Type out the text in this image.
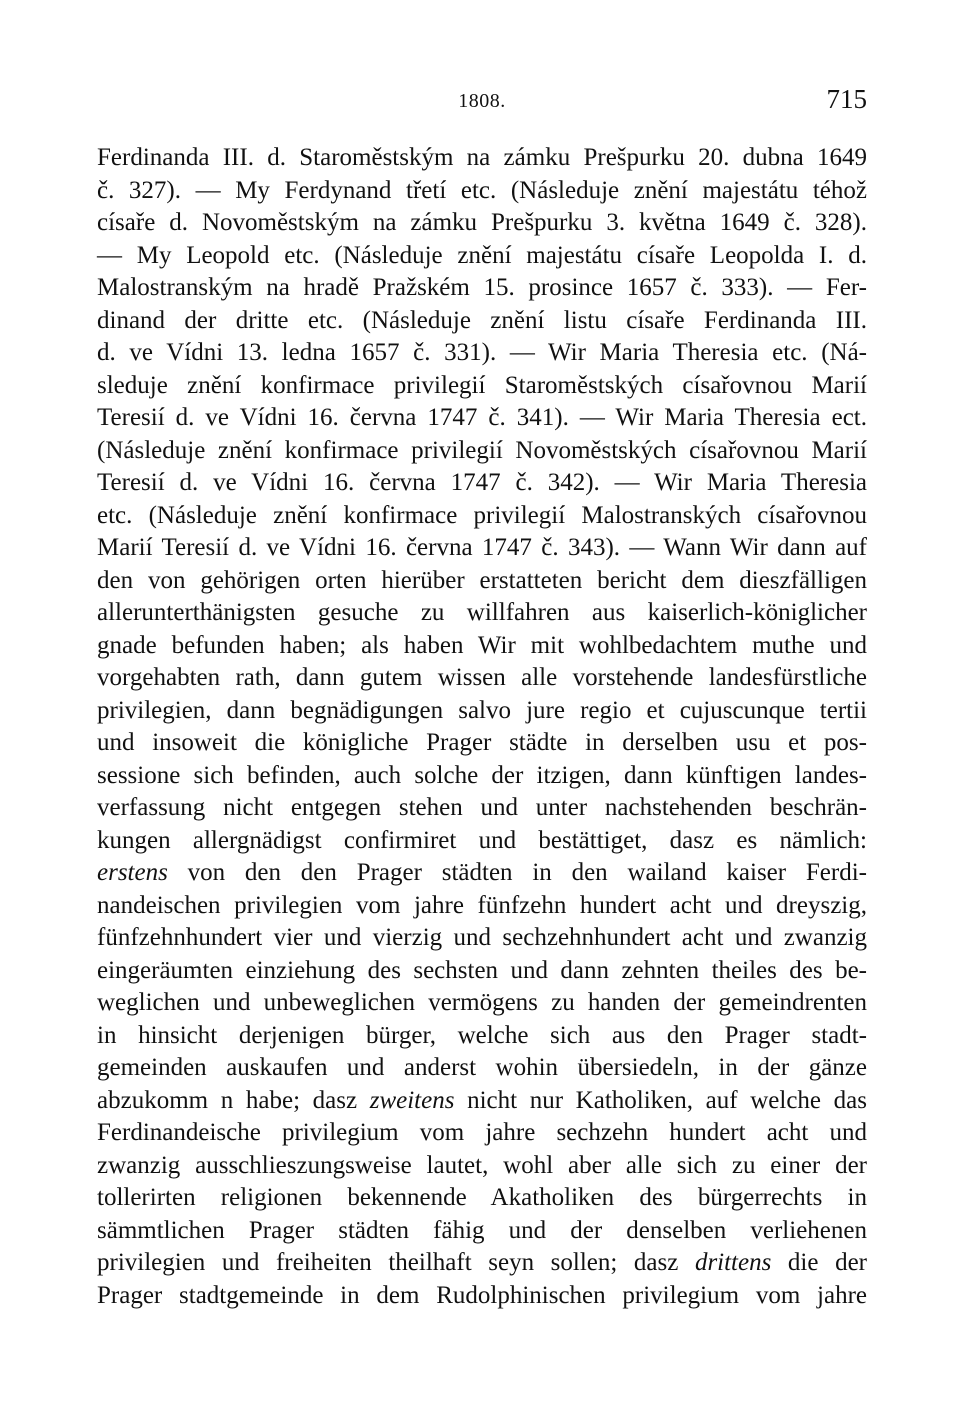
1808.	715
Ferdinanda III. d. Staroměstským na zámku Prešpurku 20. dubna 1649
č. 327). — My Ferdynand třetí etc. (Následuje znění majestátu téhož
císaře d. Novoměstským na zámku Prešpurku 3. května 1649 č. 328).
— My Leopold etc. (Následuje znění majestátu císaře Leopolda I. d.
Malostranským na hradě Pražském 15. prosince 1657 č. 333). — Fer-
dinand der dritte etc. (Následuje znění listu císaře Ferdinanda III.
d. ve Vídni 13. ledna 1657 č. 331). — Wir Maria Theresia etc. (Ná-
sleduje znění konfirmace privilegií Staroměstských císařovnou Marií
Teresií d. ve Vídni 16. června 1747 č. 341). — Wir Maria Theresia ect.
(Následuje znění konfirmace privilegií Novoměstských císařovnou Marií
Teresií d. ve Vídni 16. června 1747 č. 342). — Wir Maria Theresia
etc. (Následuje znění konfirmace privilegií Malostranských císařovnou
Marií Teresií d. ve Vídni 16. června 1747 č. 343). — Wann Wir dann auf
den von gehörigen orten hierüber erstatteten bericht dem dieszfälligen
allerunterthänigsten gesuche zu willfahren aus kaiserlich-königlicher
gnade befunden haben; als haben Wir mit wohlbedachtem muthe und
vorgehabten rath, dann gutem wissen alle vorstehende landesfürstliche
privilegien, dann begnädigungen salvo jure regio et cujuscunque tertii
und insoweit die königliche Prager städte in derselben usu et pos-
sessione sich befinden, auch solche der itzigen, dann künftigen landes-
verfassung nicht entgegen stehen und unter nachstehenden beschrän-
kungen allergnädigst confirmiret und bestättiget, dasz es nämlich:
erstens von den den Prager städten in den wailand kaiser Ferdi-
nandeischen privilegien vom jahre fünfzehn hundert acht und dreyszig,
fünfzehnhundert vier und vierzig und sechzehnhundert acht und zwanzig
eingeräumten einziehung des sechsten und dann zehnten theiles des be-
weglichen und unbeweglichen vermögens zu handen der gemeindrenten
in hinsicht derjenigen bürger, welche sich aus den Prager stadt-
gemeinden auskaufen und anderst wohin übersiedeln, in der gänze
abzukomm n habe; dasz zweitens nicht nur Katholiken, auf welche das
Ferdinandeische privilegium vom jahre sechzehn hundert acht und
zwanzig ausschlieszungsweise lautet, wohl aber alle sich zu einer der
tollerirten religionen bekennende Akatholiken des bürgerrechts in
sämmtlichen Prager städten fähig und der denselben verliehenen
privilegien und freiheiten theilhaft seyn sollen; dasz drittens die der
Prager stadtgemeinde in dem Rudolphinischen privilegium vom jahre
